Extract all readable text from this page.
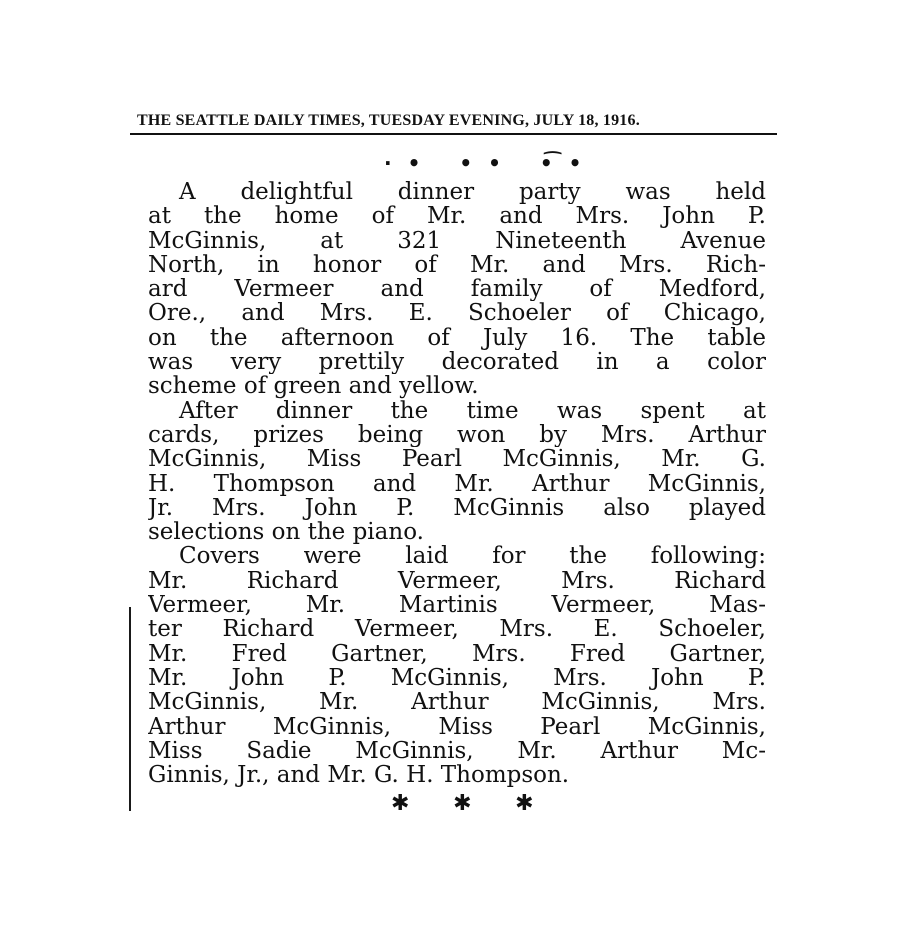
THE SEATTLE DAILY TIMES, TUESDAY EVENING, JULY 18, 1916.
·• •• •͡•
A delightful dinner party was held
at the home of Mr. and Mrs. John P.
McGinnis, at 321 Nineteenth Avenue
North, in honor of Mr. and Mrs. Rich-
ard Vermeer and family of Medford,
Ore., and Mrs. E. Schoeler of Chicago,
on the afternoon of July 16. The table
was very prettily decorated in a color
scheme of green and yellow.
After dinner the time was spent at
cards, prizes being won by Mrs. Arthur
McGinnis, Miss Pearl McGinnis, Mr. G.
H. Thompson and Mr. Arthur McGinnis,
Jr. Mrs. John P. McGinnis also played
selections on the piano.
Covers were laid for the following:
Mr. Richard Vermeer, Mrs. Richard
Vermeer, Mr. Martinis Vermeer, Mas-
ter Richard Vermeer, Mrs. E. Schoeler,
Mr. Fred Gartner, Mrs. Fred Gartner,
Mr. John P. McGinnis, Mrs. John P.
McGinnis, Mr. Arthur McGinnis, Mrs.
Arthur McGinnis, Miss Pearl McGinnis,
Miss Sadie McGinnis, Mr. Arthur Mc-
Ginnis, Jr., and Mr. G. H. Thompson.
✱ ✱ ✱
